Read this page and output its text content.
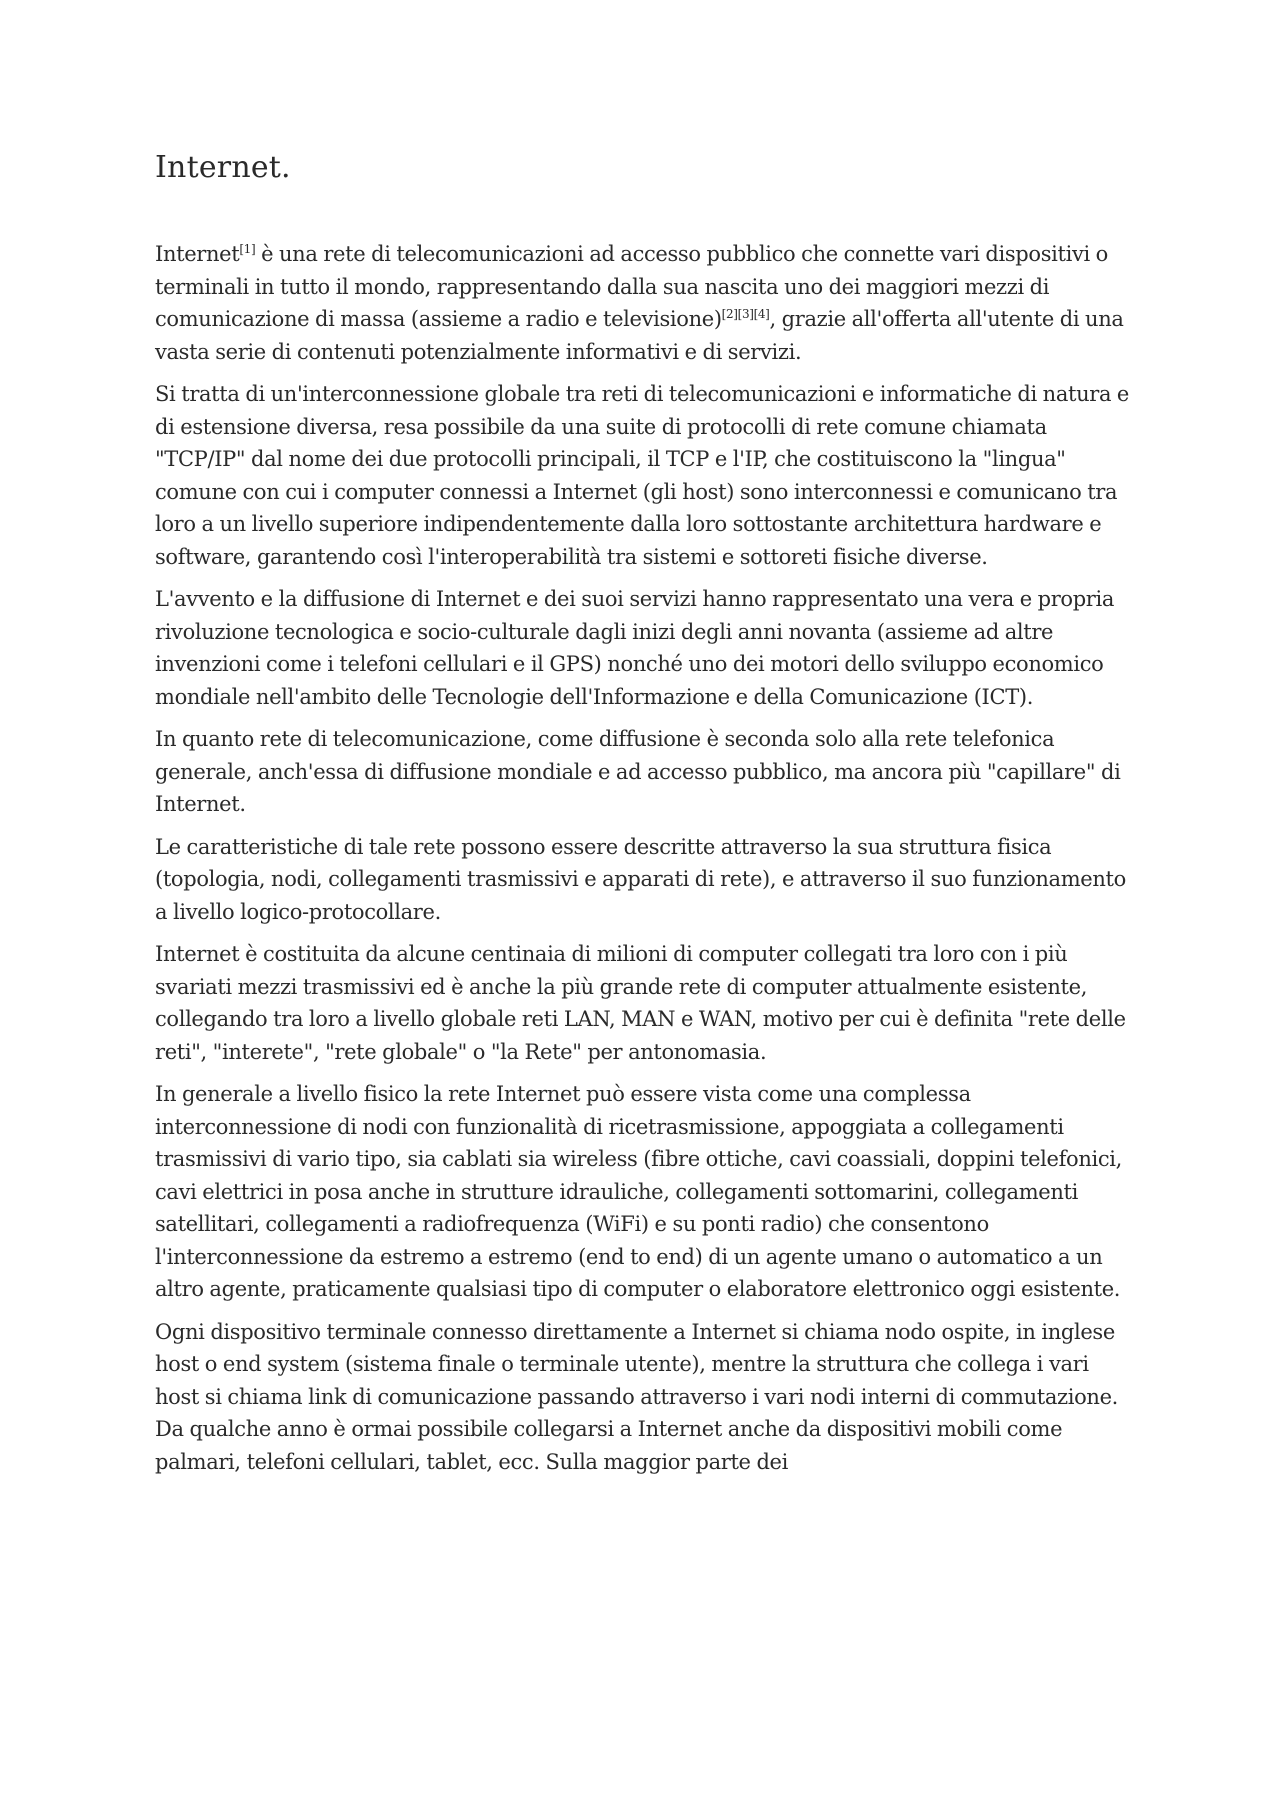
Internet.

Internet[1] è una rete di telecomunicazioni ad accesso pubblico che connette vari dispositivi o terminali in tutto il mondo, rappresentando dalla sua nascita uno dei maggiori mezzi di comunicazione di massa (assieme a radio e televisione)[2][3][4], grazie all'offerta all'utente di una vasta serie di contenuti potenzialmente informativi e di servizi.

Si tratta di un'interconnessione globale tra reti di telecomunicazioni e informatiche di natura e di estensione diversa, resa possibile da una suite di protocolli di rete comune chiamata "TCP/IP" dal nome dei due protocolli principali, il TCP e l'IP, che costituiscono la "lingua" comune con cui i computer connessi a Internet (gli host) sono interconnessi e comunicano tra loro a un livello superiore indipendentemente dalla loro sottostante architettura hardware e software, garantendo così l'interoperabilità tra sistemi e sottoreti fisiche diverse.

L'avvento e la diffusione di Internet e dei suoi servizi hanno rappresentato una vera e propria rivoluzione tecnologica e socio-culturale dagli inizi degli anni novanta (assieme ad altre invenzioni come i telefoni cellulari e il GPS) nonché uno dei motori dello sviluppo economico mondiale nell'ambito delle Tecnologie dell'Informazione e della Comunicazione (ICT).

In quanto rete di telecomunicazione, come diffusione è seconda solo alla rete telefonica generale, anch'essa di diffusione mondiale e ad accesso pubblico, ma ancora più "capillare" di Internet.

Le caratteristiche di tale rete possono essere descritte attraverso la sua struttura fisica (topologia, nodi, collegamenti trasmissivi e apparati di rete), e attraverso il suo funzionamento a livello logico-protocollare.

Internet è costituita da alcune centinaia di milioni di computer collegati tra loro con i più svariati mezzi trasmissivi ed è anche la più grande rete di computer attualmente esistente, collegando tra loro a livello globale reti LAN, MAN e WAN, motivo per cui è definita "rete delle reti", "interete", "rete globale" o "la Rete" per antonomasia.

In generale a livello fisico la rete Internet può essere vista come una complessa interconnessione di nodi con funzionalità di ricetrasmissione, appoggiata a collegamenti trasmissivi di vario tipo, sia cablati sia wireless (fibre ottiche, cavi coassiali, doppini telefonici, cavi elettrici in posa anche in strutture idrauliche, collegamenti sottomarini, collegamenti satellitari, collegamenti a radiofrequenza (WiFi) e su ponti radio) che consentono l'interconnessione da estremo a estremo (end to end) di un agente umano o automatico a un altro agente, praticamente qualsiasi tipo di computer o elaboratore elettronico oggi esistente.

Ogni dispositivo terminale connesso direttamente a Internet si chiama nodo ospite, in inglese host o end system (sistema finale o terminale utente), mentre la struttura che collega i vari host si chiama link di comunicazione passando attraverso i vari nodi interni di commutazione. Da qualche anno è ormai possibile collegarsi a Internet anche da dispositivi mobili come palmari, telefoni cellulari, tablet, ecc. Sulla maggior parte dei
